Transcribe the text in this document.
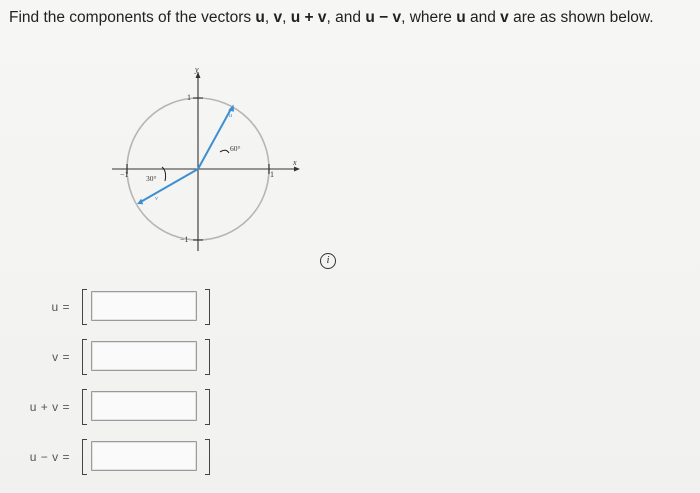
Find the components of the vectors u, v, u + v, and u − v, where u and v are as shown below.
x
y
−1	1
1
−1
60°
30°
u
v
i
u =
v =
u + v =
u − v =
